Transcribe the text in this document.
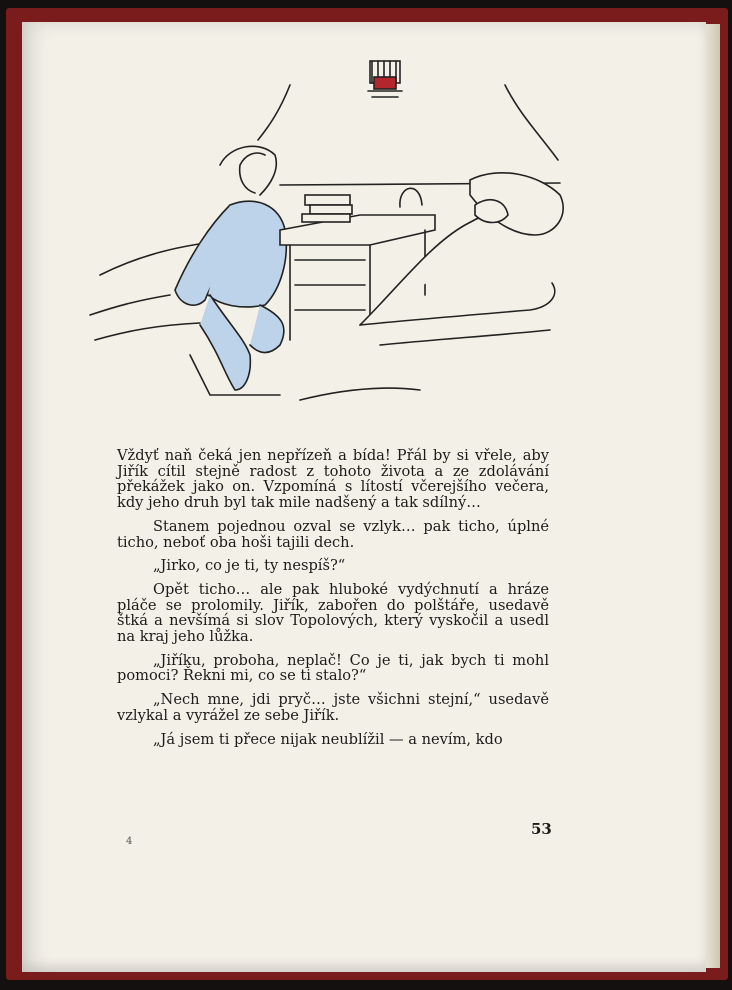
Vždyť naň čeká jen nepřízeň a bída! Přál by si vřele, aby Jiřík cítil stejně radost z tohoto života a ze zdolávání překážek jako on. Vzpomíná s lítostí včerejšího večera, kdy jeho druh byl tak mile nadšený a tak sdílný…

Stanem pojednou ozval se vzlyk… pak ticho, úplné ticho, neboť oba hoši tajili dech.

„Jirko, co je ti, ty nespíš?“

Opět ticho… ale pak hluboké vydýchnutí a hráze pláče se prolomily. Jiřík, zabořen do polštáře, usedavě štká a nevšímá si slov Topolových, který vyskočil a usedl na kraj jeho lůžka.

„Jiříku, proboha, neplač! Co je ti, jak bych ti mohl pomoci? Řekni mi, co se ti stalo?“

„Nech mne, jdi pryč… jste všichni stejní,“ usedavě vzlykal a vyrážel ze sebe Jiřík.

„Já jsem ti přece nijak neublížil — a nevím, kdo

53
4
